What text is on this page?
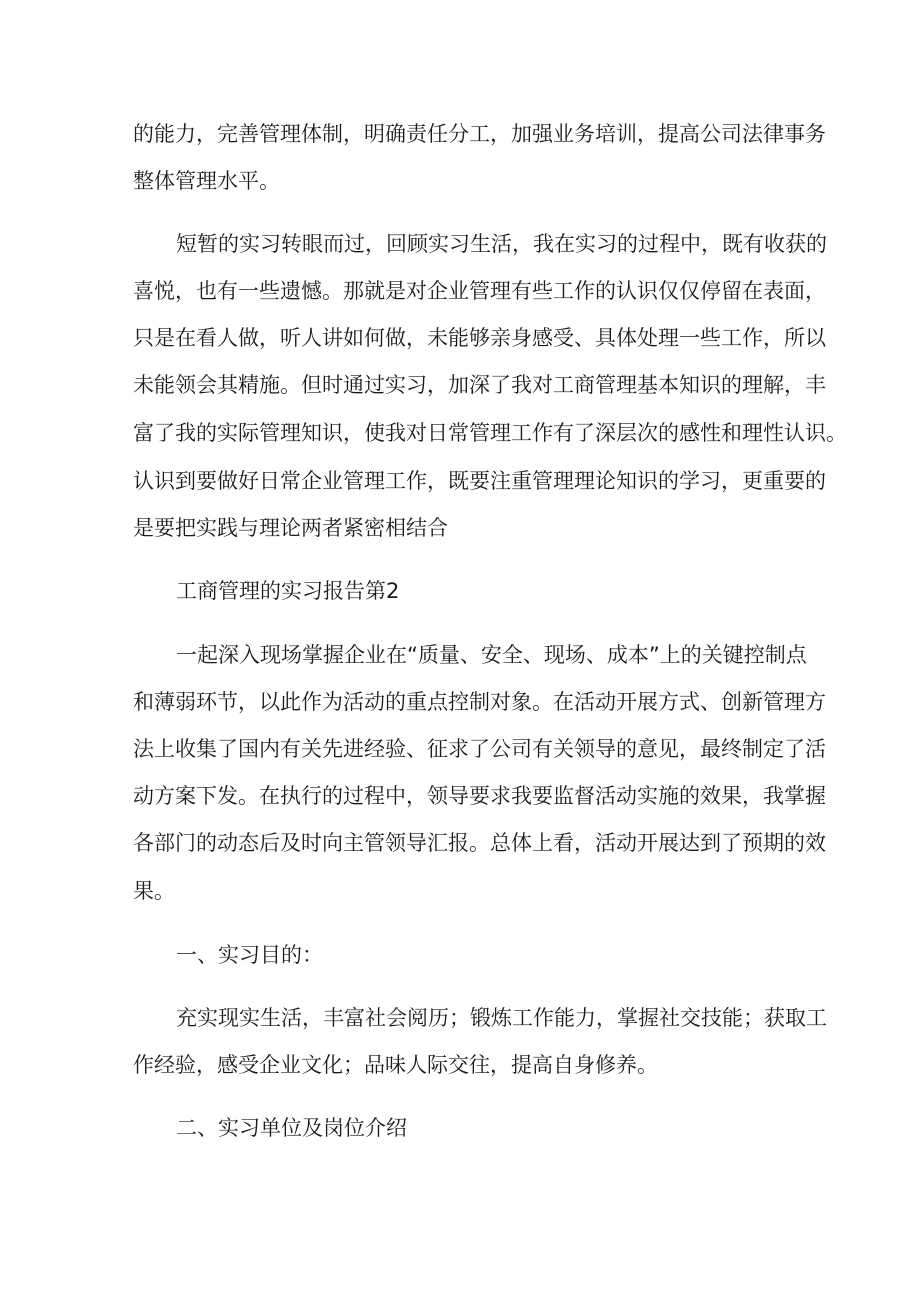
的能力，完善管理体制，明确责任分工，加强业务培训，提高公司法律事务
整体管理水平。
短暂的实习转眼而过，回顾实习生活，我在实习的过程中，既有收获的
喜悦，也有一些遗憾。那就是对企业管理有些工作的认识仅仅停留在表面，
只是在看人做，听人讲如何做，未能够亲身感受、具体处理一些工作，所以
未能领会其精施。但时通过实习，加深了我对工商管理基本知识的理解，丰
富了我的实际管理知识，使我对日常管理工作有了深层次的感性和理性认识。
认识到要做好日常企业管理工作，既要注重管理理论知识的学习，更重要的
是要把实践与理论两者紧密相结合
工商管理的实习报告第2
一起深入现场掌握企业在“质量、安全、现场、成本”上的关键控制点
和薄弱环节，以此作为活动的重点控制对象。在活动开展方式、创新管理方
法上收集了国内有关先进经验、征求了公司有关领导的意见，最终制定了活
动方案下发。在执行的过程中，领导要求我要监督活动实施的效果，我掌握
各部门的动态后及时向主管领导汇报。总体上看，活动开展达到了预期的效
果。
一、实习目的：
充实现实生活，丰富社会阅历；锻炼工作能力，掌握社交技能；获取工
作经验，感受企业文化；品味人际交往，提高自身修养。
二、实习单位及岗位介绍
